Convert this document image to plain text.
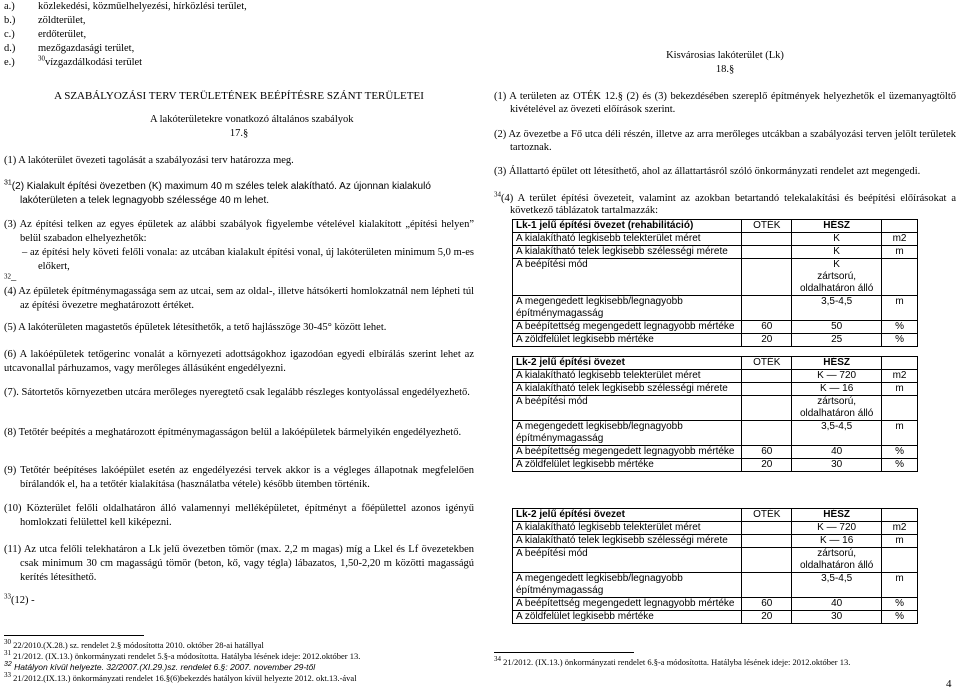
a.) közlekedési, közműelhelyezési, hírközlési terület,
b.) zöldterület,
c.) erdőterület,
d.) mezőgazdasági terület,
e.)	$^{30}$vízgazdálkodási terület
A SZABÁLYOZÁSI TERV TERÜLETÉNEK BEÉPÍTÉSRE SZÁNT TERÜLETEI
A lakóterületekre vonatkozó általános szabályok
17.§
(1) A lakóterület övezeti tagolását a szabályozási terv határozza meg.
$^{31}$(2) Kialakult építési övezetben (K) maximum 40 m széles telek alakítható. Az újonnan kialakuló lakóterületen a telek legnagyobb szélessége 40 m lehet.
(3) Az építési telken az egyes épületek az alábbi szabályok figyelembe vételével kialakított „építési helyen” belül szabadon elhelyezhetők:
– az építési hely követi felőli vonala: az utcában kialakult építési vonal, új lakóterületen minimum 5,0 m-es előkert,
$^{32}$–
(4) Az épületek építménymagassága sem az utcai, sem az oldal-, illetve hátsókerti homlokzatnál nem lépheti túl az építési övezetre meghatározott értéket.
(5) A lakóterületen magastetős épületek létesíthetők, a tető hajlásszöge 30-45° között lehet.
(6) A lakóépületek tetőgerinc vonalát a környezeti adottságokhoz igazodóan egyedi elbírálás szerint lehet az utcavonallal párhuzamos, vagy merőleges állásúként engedélyezni.
(7). Sátortetős környezetben utcára merőleges nyeregtető csak legalább részleges kontyolással engedélyezhető.
(8) Tetőtér beépítés a meghatározott építménymagasságon belül a lakóépületek bármelyikén engedélyezhető.
(9) Tetőtér beépítéses lakóépület esetén az engedélyezési tervek akkor is a végleges állapotnak megfelelően bírálandók el, ha a tetőtér kialakítása (használatba vétele) később ütemben történik.
(10) Közterület felőli oldalhatáron álló valamennyi melléképületet, építményt a főépülettel azonos igényű homlokzati felülettel kell kiképezni.
(11) Az utca felőli telekhatáron a Lk jelű övezetben tömör (max. 2,2 m magas) míg a Lkel és Lf övezetekben csak minimum 30 cm magasságú tömör (beton, kő, vagy tégla) lábazatos, 1,50-2,20 m közötti magasságú kerítés létesíthető.
$^{33}$(12) -
$^{30}$ 22/2010.(X.28.) sz. rendelet 2.§ módosította 2010. október 28-ai hatállyal
$^{31}$ 21/2012. (IX.13.) önkormányzati rendelet 5.§-a módosította. Hatályba lésének ideje: 2012.október 13.
$^{32}$ Hatályon kívül helyezte. 32/2007.(XI.29.)sz. rendelet 6.§: 2007. november 29-től
$^{33}$ 21/2012.(IX.13.) önkormányzati rendelet 16.§(6)bekezdés hatályon kívül helyezte 2012. okt.13.-ával
Kisvárosias lakóterület (Lk)
18.§
(1) A területen az OTÉK 12.§ (2) és (3) bekezdésében szereplő építmények helyezhetők el üzemanyagtöltő kivételével az övezeti előírások szerint.
(2) Az övezetbe a Fő utca déli részén, illetve az arra merőleges utcákban a szabályozási terven jelölt területek tartoznak.
(3) Állattartó épület ott létesíthető, ahol az állattartásról szóló önkormányzati rendelet azt megengedi.
$^{34}$(4) A terület építési övezeteit, valamint az azokban betartandó telekalakítási és beépítési előírásokat a következő táblázatok tartalmazzák:
Lk-1 jelű építési övezet (rehabilitáció)	OTÉK	HÉSZ	
A kialakítható legkisebb telekterület méret		K	m2
A kialakítható telek legkisebb szélességi mérete		K	m
A beépítési mód		K
zártsorú,
oldalhatáron álló	
A megengedett legkisebb/legnagyobb építménymagasság		3,5-4,5	m
A beépítettség megengedett legnagyobb mértéke	60	50	%
A zöldfelület legkisebb mértéke	20	25	%
Lk-2 jelű építési övezet	OTÉK	HÉSZ	
A kialakítható legkisebb telekterület méret		K — 720	m2
A kialakítható telek legkisebb szélességi mérete		K — 16	m
A beépítési mód		zártsorú,
oldalhatáron álló	
A megengedett legkisebb/legnagyobb építménymagasság		3,5-4,5	m
A beépítettség megengedett legnagyobb mértéke	60	40	%
A zöldfelület legkisebb mértéke	20	30	%
Lk-2 jelű építési övezet	OTÉK	HÉSZ	
A kialakítható legkisebb telekterület méret		K — 720	m2
A kialakítható telek legkisebb szélességi mérete		K — 16	m
A beépítési mód		zártsorú,
oldalhatáron álló	
A megengedett legkisebb/legnagyobb építménymagasság		3,5-4,5	m
A beépítettség megengedett legnagyobb mértéke	60	40	%
A zöldfelület legkisebb mértéke	20	30	%
$^{34}$ 21/2012. (IX.13.) önkormányzati rendelet 6.§-a módosította. Hatályba lésének ideje: 2012.október 13.
4
